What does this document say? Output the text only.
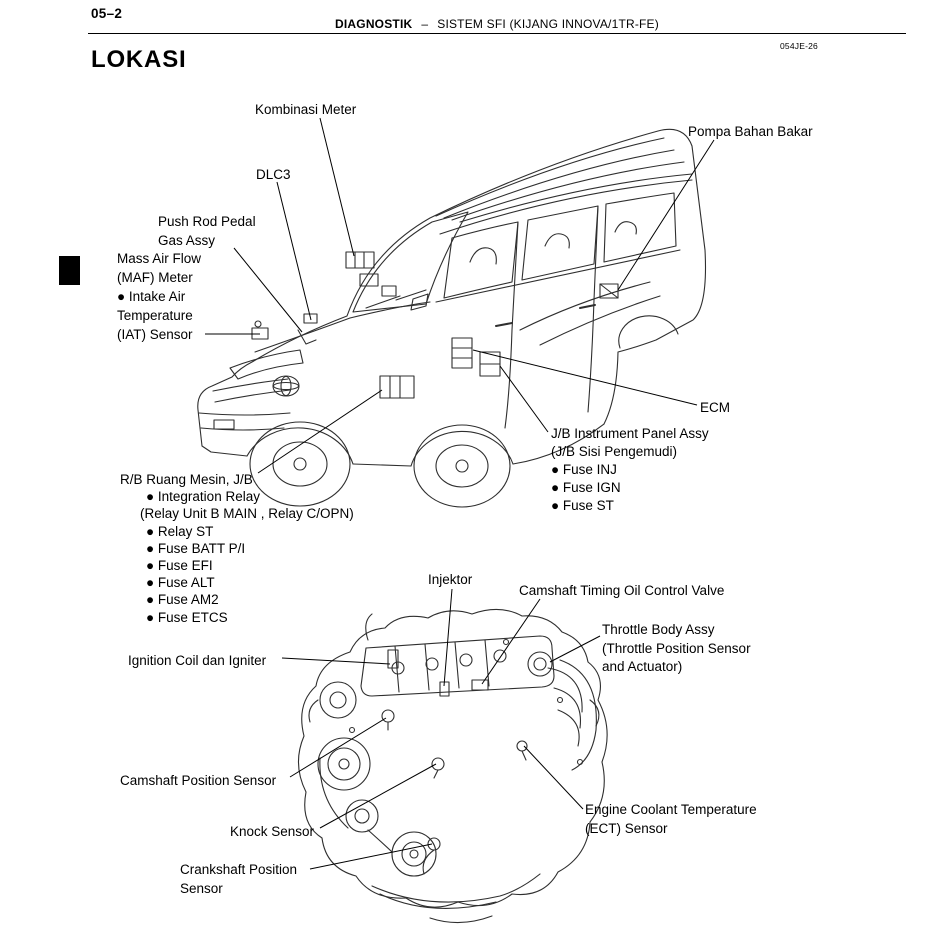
05–2
DIAGNOSTIK – SISTEM SFI (KIJANG INNOVA/1TR-FE)
054JE-26
LOKASI
Kombinasi Meter
Pompa Bahan Bakar
DLC3
Push Rod Pedal
Gas Assy
Mass Air Flow
(MAF) Meter
● Intake Air
Temperature
(IAT) Sensor
ECM
J/B Instrument Panel Assy
(J/B Sisi Pengemudi)
● Fuse INJ
● Fuse IGN
● Fuse ST
R/B Ruang Mesin, J/B
● Integration Relay
(Relay Unit B MAIN , Relay C/OPN)
● Relay ST
● Fuse BATT P/I
● Fuse EFI
● Fuse ALT
● Fuse AM2
● Fuse ETCS
Injektor
Camshaft Timing Oil Control Valve
Throttle Body Assy
(Throttle Position Sensor
and Actuator)
Ignition Coil dan Igniter
Camshaft Position Sensor
Knock Sensor
Engine Coolant Temperature
(ECT) Sensor
Crankshaft Position
Sensor
